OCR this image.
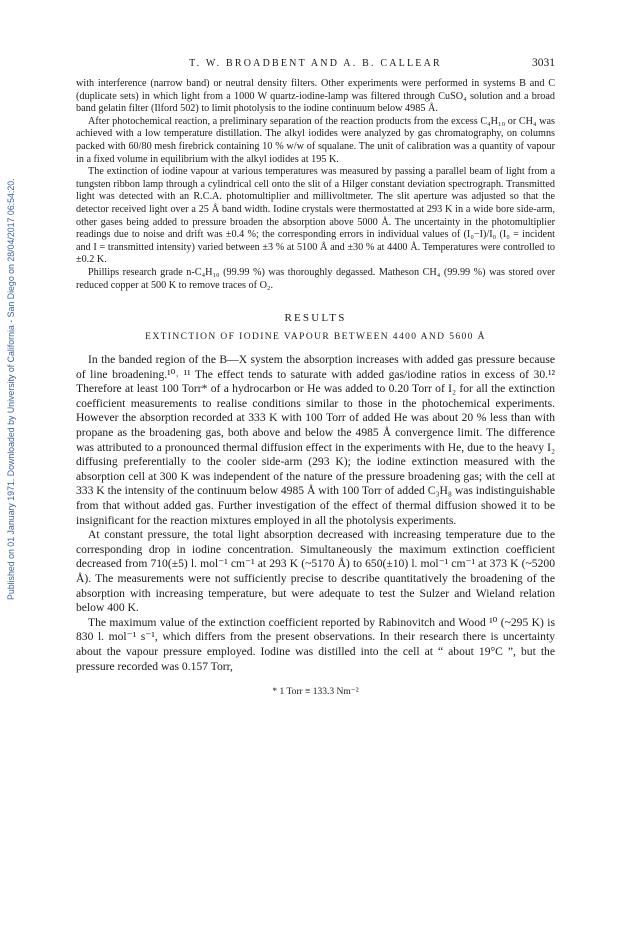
Published on 01 January 1971. Downloaded by University of California - San Diego on 28/04/2017 06:54:20.
T. W. BROADBENT AND A. B. CALLEAR	3031

with interference (narrow band) or neutral density filters. Other experiments were performed in systems B and C (duplicate sets) in which light from a 1000 W quartz-iodine-lamp was filtered through CuSO₄ solution and a broad band gelatin filter (Ilford 502) to limit photolysis to the iodine continuum below 4985 Å.

After photochemical reaction, a preliminary separation of the reaction products from the excess C₄H₁₀ or CH₄ was achieved with a low temperature distillation. The alkyl iodides were analyzed by gas chromatography, on columns packed with 60/80 mesh firebrick containing 10 % w/w of squalane. The unit of calibration was a quantity of vapour in a fixed volume in equilibrium with the alkyl iodides at 195 K.

The extinction of iodine vapour at various temperatures was measured by passing a parallel beam of light from a tungsten ribbon lamp through a cylindrical cell onto the slit of a Hilger constant deviation spectrograph. Transmitted light was detected with an R.C.A. photomultiplier and millivoltmeter. The slit aperture was adjusted so that the detector received light over a 25 Å band width. Iodine crystals were thermostatted at 293 K in a wide bore side-arm, other gases being added to pressure broaden the absorption above 5000 Å. The uncertainty in the photomultiplier readings due to noise and drift was ±0.4 %; the corresponding errors in individual values of (I₀−I)/I₀ (I₀ = incident and I = transmitted intensity) varied between ±3 % at 5100 Å and ±30 % at 4400 Å. Temperatures were controlled to ±0.2 K.

Phillips research grade n-C₄H₁₀ (99.99 %) was thoroughly degassed. Matheson CH₄ (99.99 %) was stored over reduced copper at 500 K to remove traces of O₂.

RESULTS
EXTINCTION OF IODINE VAPOUR BETWEEN 4400 AND 5600 Å

In the banded region of the B—X system the absorption increases with added gas pressure because of line broadening.¹⁰˒ ¹¹ The effect tends to saturate with added gas/iodine ratios in excess of 30.¹² Therefore at least 100 Torr* of a hydrocarbon or He was added to 0.20 Torr of I₂ for all the extinction coefficient measurements to realise conditions similar to those in the photochemical experiments. However the absorption recorded at 333 K with 100 Torr of added He was about 20 % less than with propane as the broadening gas, both above and below the 4985 Å convergence limit. The difference was attributed to a pronounced thermal diffusion effect in the experiments with He, due to the heavy I₂ diffusing preferentially to the cooler side-arm (293 K); the iodine extinction measured with the absorption cell at 300 K was independent of the nature of the pressure broadening gas; with the cell at 333 K the intensity of the continuum below 4985 Å with 100 Torr of added C₃H₈ was indistinguishable from that without added gas. Further investigation of the effect of thermal diffusion showed it to be insignificant for the reaction mixtures employed in all the photolysis experiments.

At constant pressure, the total light absorption decreased with increasing temperature due to the corresponding drop in iodine concentration. Simultaneously the maximum extinction coefficient decreased from 710(±5) l. mol⁻¹ cm⁻¹ at 293 K (~5170 Å) to 650(±10) l. mol⁻¹ cm⁻¹ at 373 K (~5200 Å). The measurements were not sufficiently precise to describe quantitatively the broadening of the absorption with increasing temperature, but were adequate to test the Sulzer and Wieland relation below 400 K.

The maximum value of the extinction coefficient reported by Rabinovitch and Wood ¹⁰ (~295 K) is 830 l. mol⁻¹ s⁻¹, which differs from the present observations. In their research there is uncertainty about the vapour pressure employed. Iodine was distilled into the cell at “ about 19°C ”, but the pressure recorded was 0.157 Torr,

* 1 Torr ≡ 133.3 Nm⁻²
